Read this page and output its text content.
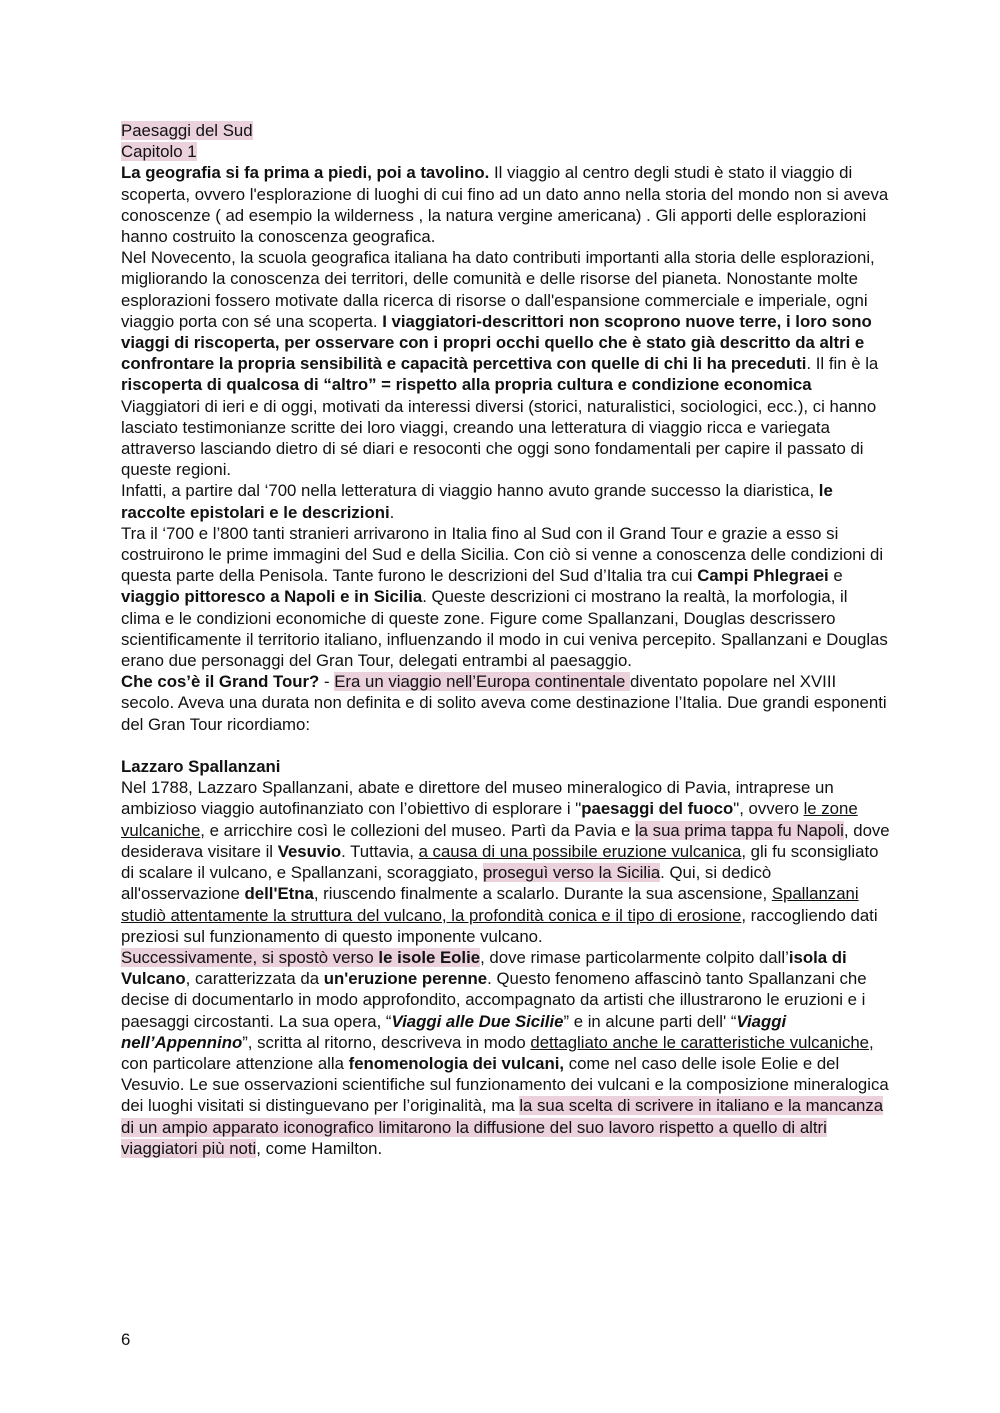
Paesaggi del Sud

Capitolo 1

La geografia si fa prima a piedi, poi a tavolino. Il viaggio al centro degli studi è stato il viaggio di scoperta, ovvero l'esplorazione di luoghi di cui fino ad un dato anno nella storia del mondo non si aveva conoscenze ( ad esempio la wilderness , la natura vergine americana) . Gli apporti delle esplorazioni hanno costruito la conoscenza geografica.

Nel Novecento, la scuola geografica italiana ha dato contributi importanti alla storia delle esplorazioni, migliorando la conoscenza dei territori, delle comunità e delle risorse del pianeta. Nonostante molte esplorazioni fossero motivate dalla ricerca di risorse o dall'espansione commerciale e imperiale, ogni viaggio porta con sé una scoperta. I viaggiatori-descrittori non scoprono nuove terre, i loro sono viaggi di riscoperta, per osservare con i propri occhi quello che è stato già descritto da altri e confrontare la propria sensibilità e capacità percettiva con quelle di chi li ha preceduti. Il fin è la riscoperta di qualcosa di “altro” = rispetto alla propria cultura e condizione economica

Viaggiatori di ieri e di oggi, motivati da interessi diversi (storici, naturalistici, sociologici, ecc.), ci hanno lasciato testimonianze scritte dei loro viaggi, creando una letteratura di viaggio ricca e variegata attraverso lasciando dietro di sé diari e resoconti che oggi sono fondamentali per capire il passato di queste regioni.

Infatti, a partire dal ‘700 nella letteratura di viaggio hanno avuto grande successo la diaristica, le raccolte epistolari e le descrizioni.

Tra il ‘700 e l’800 tanti stranieri arrivarono in Italia fino al Sud con il Grand Tour e grazie a esso si costruirono le prime immagini del Sud e della Sicilia. Con ciò si venne a conoscenza delle condizioni di questa parte della Penisola. Tante furono le descrizioni del Sud d’Italia tra cui Campi Phlegraei e viaggio pittoresco a Napoli e in Sicilia. Queste descrizioni ci mostrano la realtà, la morfologia, il clima e le condizioni economiche di queste zone. Figure come Spallanzani, Douglas descrissero scientificamente il territorio italiano, influenzando il modo in cui veniva percepito. Spallanzani e Douglas erano due personaggi del Gran Tour, delegati entrambi al paesaggio.

Che cos’è il Grand Tour? - Era un viaggio nell’Europa continentale diventato popolare nel XVIII secolo. Aveva una durata non definita e di solito aveva come destinazione l’Italia. Due grandi esponenti del Gran Tour ricordiamo:

Lazzaro Spallanzani

Nel 1788, Lazzaro Spallanzani, abate e direttore del museo mineralogico di Pavia, intraprese un ambizioso viaggio autofinanziato con l’obiettivo di esplorare i "paesaggi del fuoco", ovvero le zone vulcaniche, e arricchire così le collezioni del museo. Partì da Pavia e la sua prima tappa fu Napoli, dove desiderava visitare il Vesuvio. Tuttavia, a causa di una possibile eruzione vulcanica, gli fu sconsigliato di scalare il vulcano, e Spallanzani, scoraggiato, proseguì verso la Sicilia. Qui, si dedicò all'osservazione dell'Etna, riuscendo finalmente a scalarlo. Durante la sua ascensione, Spallanzani studiò attentamente la struttura del vulcano, la profondità conica e il tipo di erosione, raccogliendo dati preziosi sul funzionamento di questo imponente vulcano.

Successivamente, si spostò verso le isole Eolie, dove rimase particolarmente colpito dall’isola di Vulcano, caratterizzata da un'eruzione perenne. Questo fenomeno affascinò tanto Spallanzani che decise di documentarlo in modo approfondito, accompagnato da artisti che illustrarono le eruzioni e i paesaggi circostanti. La sua opera, “Viaggi alle Due Sicilie” e in alcune parti dell' “Viaggi nell’Appennino”, scritta al ritorno, descriveva in modo dettagliato anche le caratteristiche vulcaniche, con particolare attenzione alla fenomenologia dei vulcani, come nel caso delle isole Eolie e del Vesuvio. Le sue osservazioni scientifiche sul funzionamento dei vulcani e la composizione mineralogica dei luoghi visitati si distinguevano per l’originalità, ma la sua scelta di scrivere in italiano e la mancanza di un ampio apparato iconografico limitarono la diffusione del suo lavoro rispetto a quello di altri viaggiatori più noti, come Hamilton.

6
